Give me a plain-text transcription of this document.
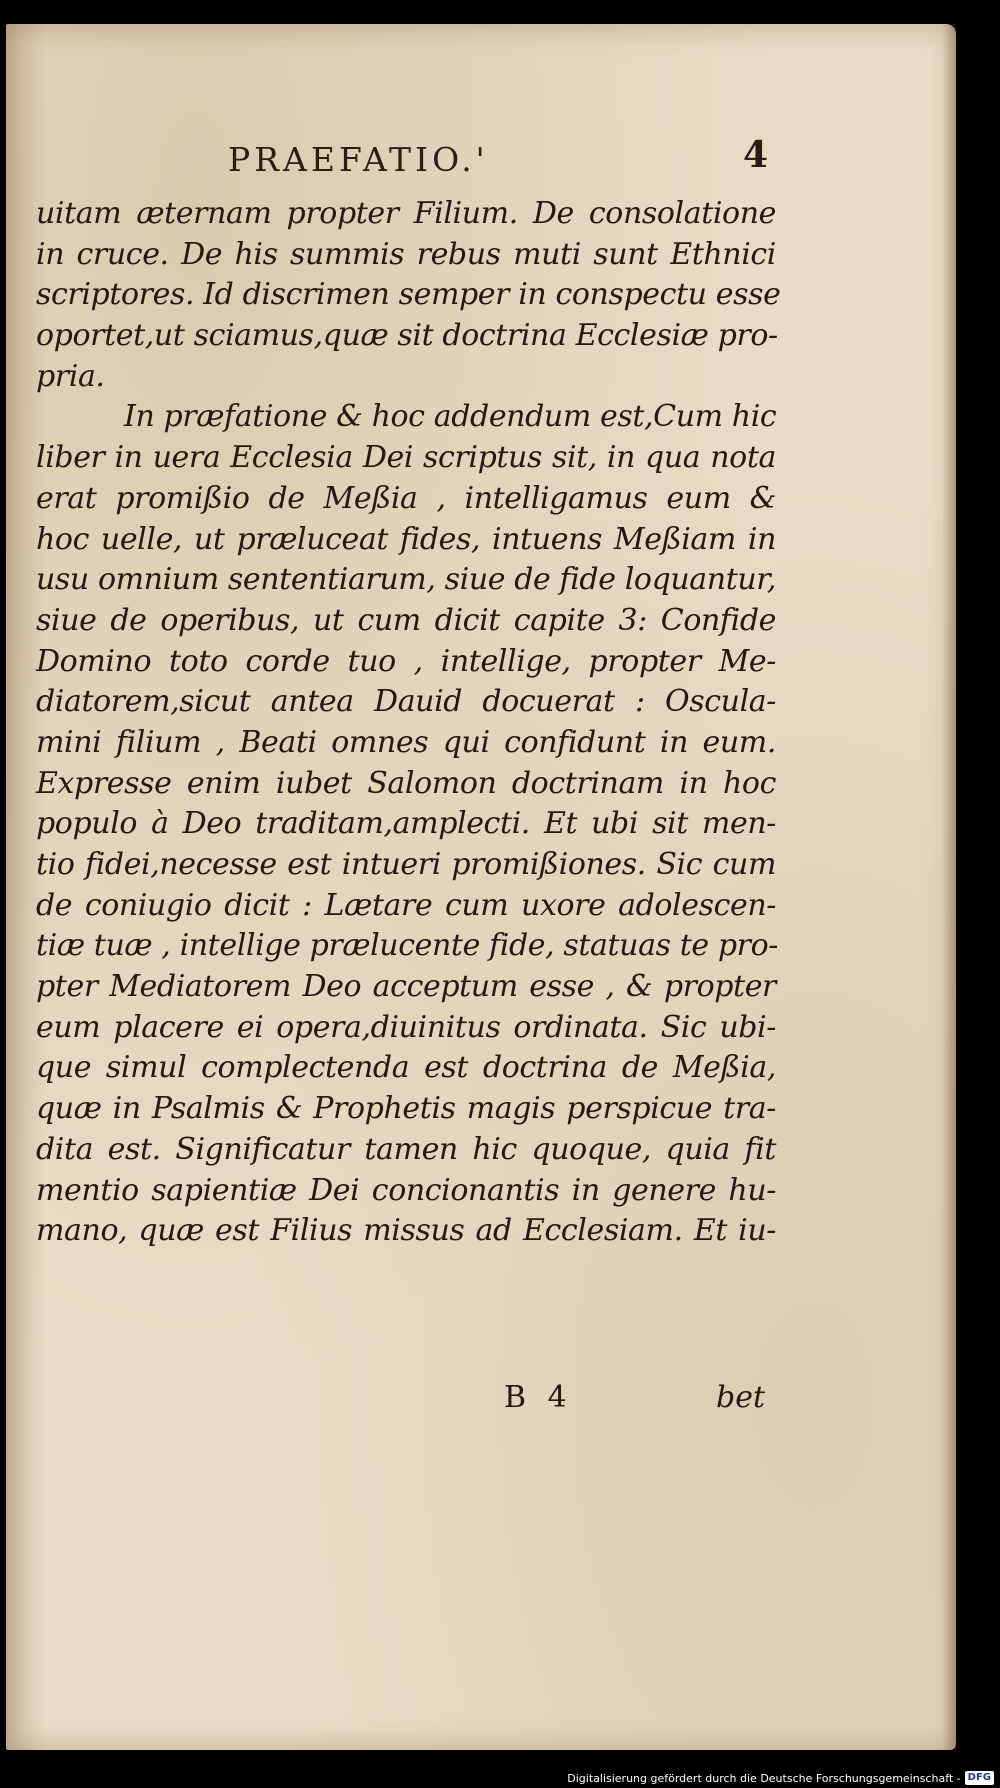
PRAEFATIO.'	4
uitam æternam propter Filium. De consolatione
in cruce. De his summis rebus muti sunt Ethnici
scriptores. Id discrimen semper in conspectu esse
oportet,ut sciamus,quæ sit doctrina Ecclesiæ pro-
pria.
In præfatione & hoc addendum est,Cum hic
liber in uera Ecclesia Dei scriptus sit, in qua nota
erat promißio de Meßia , intelligamus eum &
hoc uelle, ut præluceat fides, intuens Meßiam in
usu omnium sententiarum, siue de fide loquantur,
siue de operibus, ut cum dicit capite 3: Confide
Domino toto corde tuo , intellige, propter Me-
diatorem,sicut antea Dauid docuerat : Oscula-
mini filium , Beati omnes qui confidunt in eum.
Expresse enim iubet Salomon doctrinam in hoc
populo à Deo traditam,amplecti. Et ubi sit men-
tio fidei,necesse est intueri promißiones. Sic cum
de coniugio dicit : Lætare cum uxore adolescen-
tiæ tuæ , intellige prælucente fide, statuas te pro-
pter Mediatorem Deo acceptum esse , & propter
eum placere ei opera,diuinitus ordinata. Sic ubi-
que simul complectenda est doctrina de Meßia,
quæ in Psalmis & Prophetis magis perspicue tra-
dita est. Significatur tamen hic quoque, quia fit
mentio sapientiæ Dei concionantis in genere hu-
mano, quæ est Filius missus ad Ecclesiam. Et iu-
B 4	bet
Digitalisierung gefördert durch die Deutsche Forschungsgemeinschaft - DFG
